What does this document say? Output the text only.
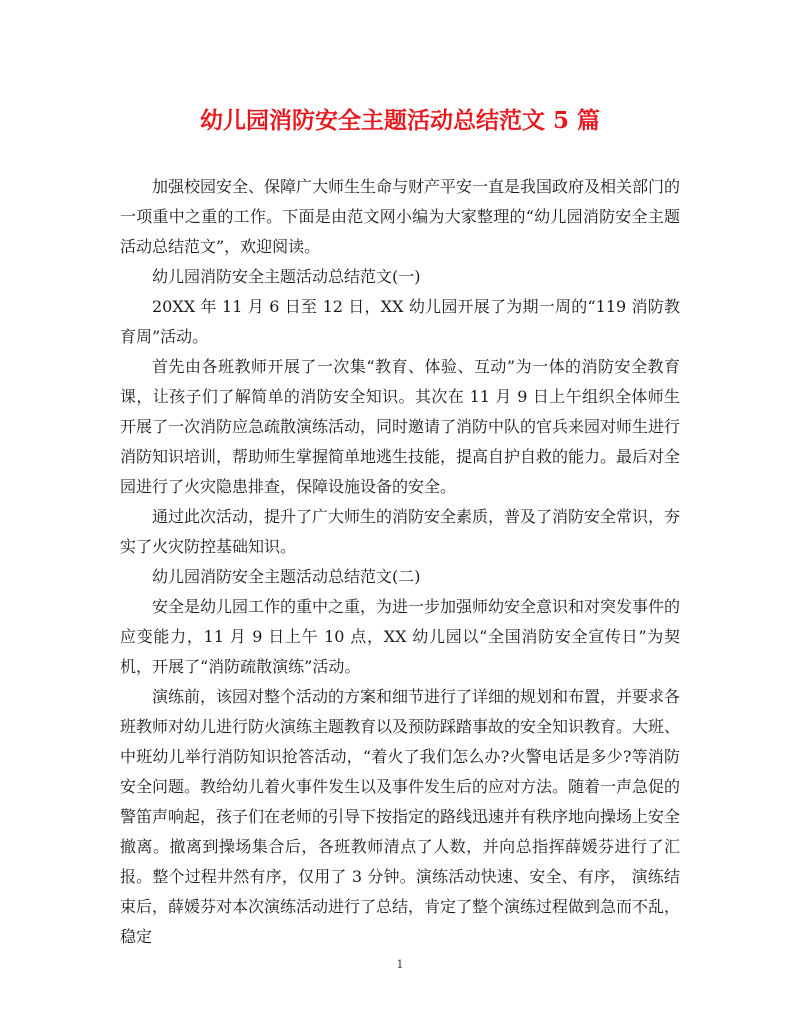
幼儿园消防安全主题活动总结范文 5 篇

加强校园安全、保障广大师生生命与财产平安一直是我国政府及相关部门的一项重中之重的工作。下面是由范文网小编为大家整理的“幼儿园消防安全主题活动总结范文”，欢迎阅读。

幼儿园消防安全主题活动总结范文(一)

20XX 年 11 月 6 日至 12 日，XX 幼儿园开展了为期一周的“119 消防教育周”活动。

首先由各班教师开展了一次集“教育、体验、互动”为一体的消防安全教育课，让孩子们了解简单的消防安全知识。其次在 11 月 9 日上午组织全体师生开展了一次消防应急疏散演练活动，同时邀请了消防中队的官兵来园对师生进行消防知识培训，帮助师生掌握简单地逃生技能，提高自护自救的能力。最后对全园进行了火灾隐患排查，保障设施设备的安全。

通过此次活动，提升了广大师生的消防安全素质，普及了消防安全常识，夯实了火灾防控基础知识。

幼儿园消防安全主题活动总结范文(二)

安全是幼儿园工作的重中之重，为进一步加强师幼安全意识和对突发事件的应变能力，11 月 9 日上午 10 点，XX 幼儿园以“全国消防安全宣传日”为契机，开展了“消防疏散演练”活动。

演练前，该园对整个活动的方案和细节进行了详细的规划和布置，并要求各班教师对幼儿进行防火演练主题教育以及预防踩踏事故的安全知识教育。大班、中班幼儿举行消防知识抢答活动，“着火了我们怎么办?火警电话是多少?等消防安全问题。教给幼儿着火事件发生以及事件发生后的应对方法。随着一声急促的警笛声响起，孩子们在老师的引导下按指定的路线迅速并有秩序地向操场上安全撤离。撤离到操场集合后，各班教师清点了人数，并向总指挥薛媛芬进行了汇报。整个过程井然有序，仅用了 3 分钟。演练活动快速、安全、有序， 演练结束后，薛媛芬对本次演练活动进行了总结，肯定了整个演练过程做到急而不乱，稳定

1
